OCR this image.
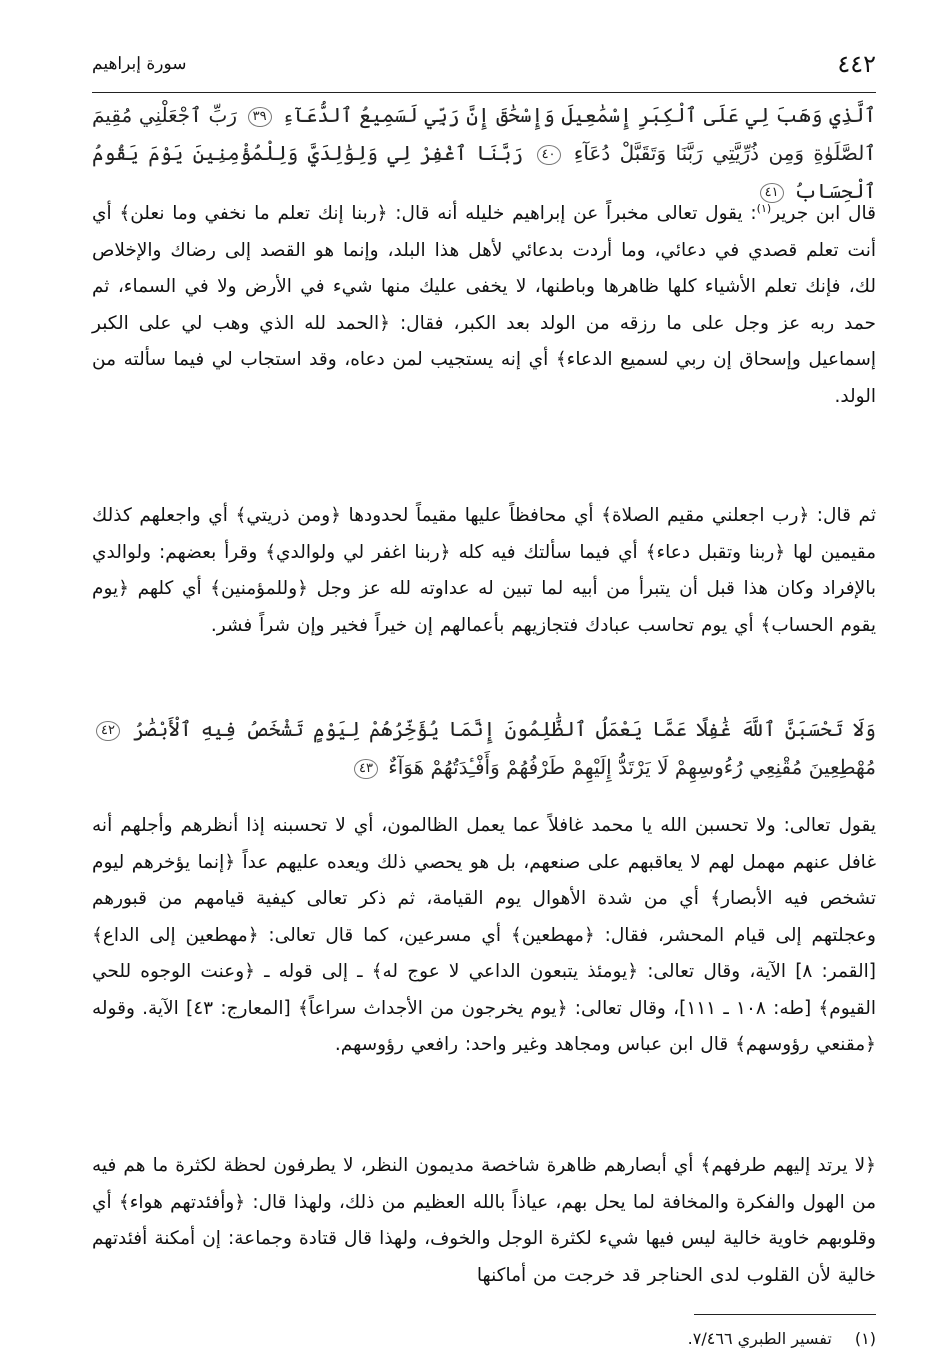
٤٤٢
سورة إبراهيم
ٱلَّذِي وَهَبَ لِي عَلَى ٱلْكِبَرِ إِسْمَٰعِيلَ وَإِسْحَٰقَ إِنَّ رَبِّي لَسَمِيعُ ٱلدُّعَآءِ ٣٩ رَبِّ ٱجْعَلْنِي مُقِيمَ ٱلصَّلَوٰةِ وَمِن ذُرِّيَّتِي رَبَّنَا وَتَقَبَّلْ دُعَآءِ ٤٠ رَبَّنَا ٱغْفِرْ لِي وَلِوَٰلِدَيَّ وَلِلْمُؤْمِنِينَ يَوْمَ يَقُومُ ٱلْحِسَابُ ٤١

قال ابن جرير$^{(١)}$: يقول تعالى مخبراً عن إبراهيم خليله أنه قال: ﴿ربنا إنك تعلم ما نخفي وما نعلن﴾ أي أنت تعلم قصدي في دعائي، وما أردت بدعائي لأهل هذا البلد، وإنما هو القصد إلى رضاك والإخلاص لك، فإنك تعلم الأشياء كلها ظاهرها وباطنها، لا يخفى عليك منها شيء في الأرض ولا في السماء، ثم حمد ربه عز وجل على ما رزقه من الولد بعد الكبر، فقال: ﴿الحمد لله الذي وهب لي على الكبر إسماعيل وإسحاق إن ربي لسميع الدعاء﴾ أي إنه يستجيب لمن دعاه، وقد استجاب لي فيما سألته من الولد.

ثم قال: ﴿رب اجعلني مقيم الصلاة﴾ أي محافظاً عليها مقيماً لحدودها ﴿ومن ذريتي﴾ أي واجعلهم كذلك مقيمين لها ﴿ربنا وتقبل دعاء﴾ أي فيما سألتك فيه كله ﴿ربنا اغفر لي ولوالدي﴾ وقرأ بعضهم: ولوالدي بالإفراد وكان هذا قبل أن يتبرأ من أبيه لما تبين له عداوته لله عز وجل ﴿وللمؤمنين﴾ أي كلهم ﴿يوم يقوم الحساب﴾ أي يوم تحاسب عبادك فتجازيهم بأعمالهم إن خيراً فخير وإن شراً فشر.

وَلَا تَحْسَبَنَّ ٱللَّهَ غَٰفِلًا عَمَّا يَعْمَلُ ٱلظَّٰلِمُونَ إِنَّمَا يُؤَخِّرُهُمْ لِيَوْمٍ تَشْخَصُ فِيهِ ٱلْأَبْصَٰرُ ٤٢ مُهْطِعِينَ مُقْنِعِي رُءُوسِهِمْ لَا يَرْتَدُّ إِلَيْهِمْ طَرْفُهُمْ وَأَفْـِٔدَتُهُمْ هَوَآءٌ ٤٣

يقول تعالى: ولا تحسبن الله يا محمد غافلاً عما يعمل الظالمون، أي لا تحسبنه إذا أنظرهم وأجلهم أنه غافل عنهم مهمل لهم لا يعاقبهم على صنعهم، بل هو يحصي ذلك ويعده عليهم عداً ﴿إنما يؤخرهم ليوم تشخص فيه الأبصار﴾ أي من شدة الأهوال يوم القيامة، ثم ذكر تعالى كيفية قيامهم من قبورهم وعجلتهم إلى قيام المحشر، فقال: ﴿مهطعين﴾ أي مسرعين، كما قال تعالى: ﴿مهطعين إلى الداع﴾ [القمر: ٨] الآية، وقال تعالى: ﴿يومئذ يتبعون الداعي لا عوج له﴾ ـ إلى قوله ـ ﴿وعنت الوجوه للحي القيوم﴾ [طه: ١٠٨ ـ ١١١]، وقال تعالى: ﴿يوم يخرجون من الأجداث سراعاً﴾ [المعارج: ٤٣] الآية. وقوله ﴿مقنعي رؤوسهم﴾ قال ابن عباس ومجاهد وغير واحد: رافعي رؤوسهم.

﴿لا يرتد إليهم طرفهم﴾ أي أبصارهم ظاهرة شاخصة مديمون النظر، لا يطرفون لحظة لكثرة ما هم فيه من الهول والفكرة والمخافة لما يحل بهم، عياذاً بالله العظيم من ذلك، ولهذا قال: ﴿وأفئدتهم هواء﴾ أي وقلوبهم خاوية خالية ليس فيها شيء لكثرة الوجل والخوف، ولهذا قال قتادة وجماعة: إن أمكنة أفئدتهم خالية لأن القلوب لدى الحناجر قد خرجت من أماكنها

(١) تفسير الطبري ٧/٤٦٦.
